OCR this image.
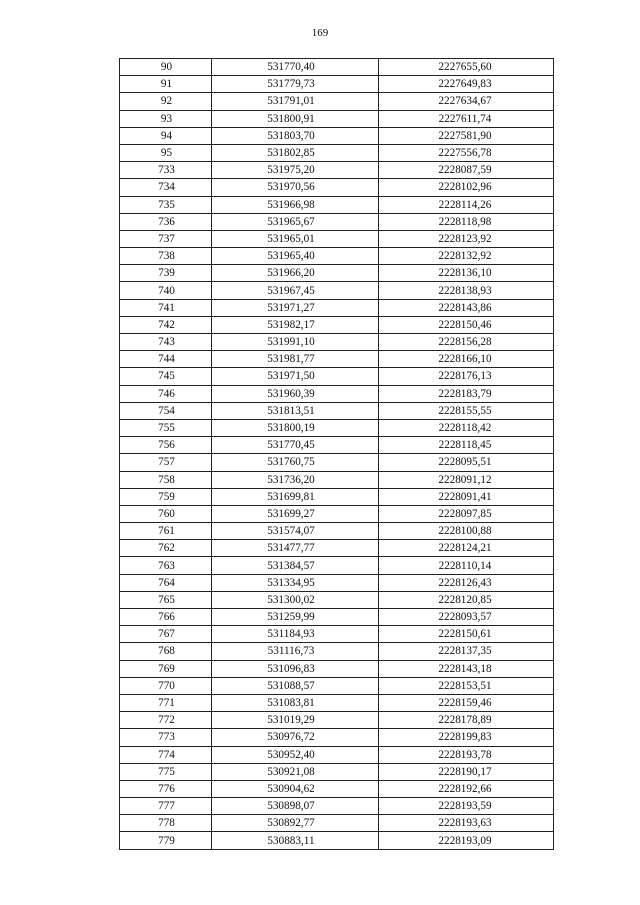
169
90	531770,40	2227655,60
91	531779,73	2227649,83
92	531791,01	2227634,67
93	531800,91	2227611,74
94	531803,70	2227581,90
95	531802,85	2227556,78
733	531975,20	2228087,59
734	531970,56	2228102,96
735	531966,98	2228114,26
736	531965,67	2228118,98
737	531965,01	2228123,92
738	531965,40	2228132,92
739	531966,20	2228136,10
740	531967,45	2228138,93
741	531971,27	2228143,86
742	531982,17	2228150,46
743	531991,10	2228156,28
744	531981,77	2228166,10
745	531971,50	2228176,13
746	531960,39	2228183,79
754	531813,51	2228155,55
755	531800,19	2228118,42
756	531770,45	2228118,45
757	531760,75	2228095,51
758	531736,20	2228091,12
759	531699,81	2228091,41
760	531699,27	2228097,85
761	531574,07	2228100,88
762	531477,77	2228124,21
763	531384,57	2228110,14
764	531334,95	2228126,43
765	531300,02	2228120,85
766	531259,99	2228093,57
767	531184,93	2228150,61
768	531116,73	2228137,35
769	531096,83	2228143,18
770	531088,57	2228153,51
771	531083,81	2228159,46
772	531019,29	2228178,89
773	530976,72	2228199,83
774	530952,40	2228193,78
775	530921,08	2228190,17
776	530904,62	2228192,66
777	530898,07	2228193,59
778	530892,77	2228193,63
779	530883,11	2228193,09
